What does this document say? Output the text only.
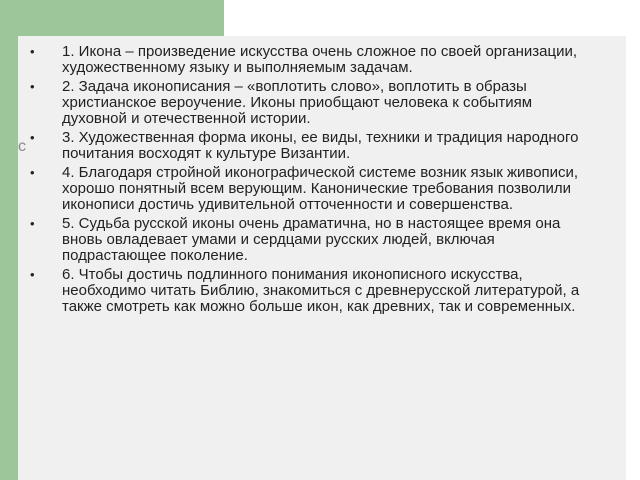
с
• 1. Икона – произведение искусства очень сложное по своей организации, художественному языку и выполняемым задачам.
• 2. Задача иконописания – «воплотить слово», воплотить в образы христианское вероучение. Иконы приобщают человека к событиям духовной и отечественной истории.
• 3. Художественная форма иконы, ее виды, техники и традиция народного почитания восходят к культуре Византии.
• 4. Благодаря стройной иконографической системе возник язык живописи, хорошо понятный всем верующим. Канонические требования позволили иконописи достичь удивительной отточенности и совершенства.
• 5. Судьба русской иконы очень драматична, но в настоящее время она вновь овладевает умами и сердцами русских людей, включая подрастающее поколение.
• 6. Чтобы достичь подлинного понимания иконописного искусства, необходимо читать Библию, знакомиться с древнерусской литературой, а также смотреть как можно больше икон, как древних, так и современных.
